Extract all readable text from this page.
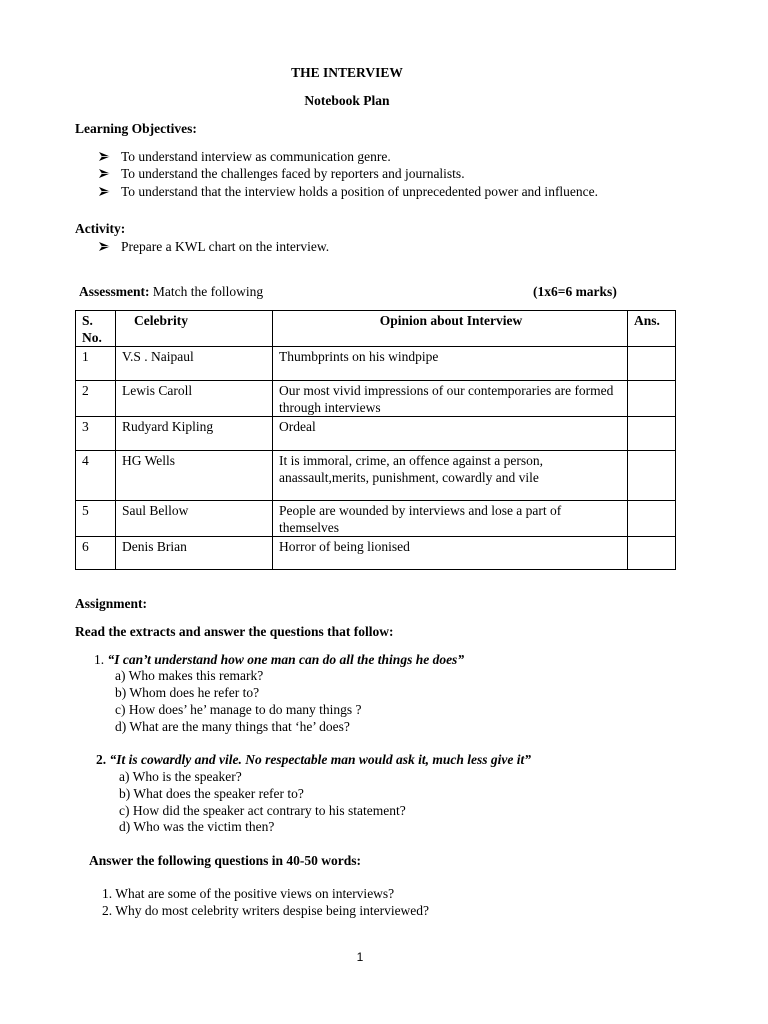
THE INTERVIEW
Notebook Plan
Learning Objectives:
To understand interview as communication genre.
To understand the challenges faced by reporters and journalists.
To understand that the interview holds a position of unprecedented power and influence.
Activity:
Prepare a KWL chart on the interview.
Assessment: Match the following	(1x6=6 marks)
S.
No.	Celebrity	Opinion about Interview	Ans.
1	V.S . Naipaul	Thumbprints on his windpipe	
2	Lewis Caroll	Our most vivid impressions of our contemporaries are formed through interviews	
3	Rudyard Kipling	Ordeal	
4	HG Wells	It is immoral, crime, an offence against a person, anassault,merits, punishment, cowardly and vile	
5	Saul Bellow	People are wounded by interviews and lose a part of themselves	
6	Denis Brian	Horror of being lionised	
Assignment:
Read the extracts and answer the questions that follow:
1. “I can’t understand how one man can do all the things he does”
a) Who makes this remark?
b) Whom does he refer to?
c) How does’ he’ manage to do many things ?
d) What are the many things that ‘he’ does?
2. “It is cowardly and vile. No respectable man would ask it, much less give it”
a) Who is the speaker?
b) What does the speaker refer to?
c) How did the speaker act contrary to his statement?
d) Who was the victim then?
Answer the following questions in 40-50 words:
1. What are some of the positive views on interviews?
2. Why do most celebrity writers despise being interviewed?
1
